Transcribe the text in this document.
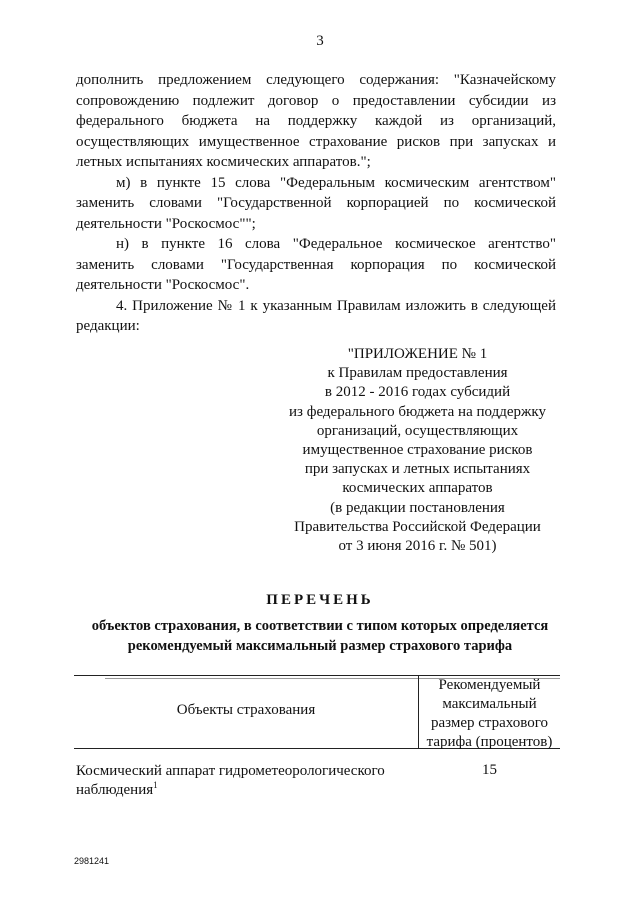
3

дополнить предложением следующего содержания: "Казначейскому сопровождению подлежит договор о предоставлении субсидии из федерального бюджета на поддержку каждой из организаций, осуществляющих имущественное страхование рисков при запусках и летных испытаниях космических аппаратов.";

м) в пункте 15 слова "Федеральным космическим агентством" заменить словами "Государственной корпорацией по космической деятельности "Роскосмос"";

н) в пункте 16 слова "Федеральное космическое агентство" заменить словами "Государственная корпорация по космической деятельности "Роскосмос".

4. Приложение № 1 к указанным Правилам изложить в следующей редакции:

"ПРИЛОЖЕНИЕ № 1
к Правилам предоставления
в 2012 - 2016 годах субсидий
из федерального бюджета на поддержку
организаций, осуществляющих
имущественное страхование рисков
при запусках и летных испытаниях
космических аппаратов
(в редакции постановления
Правительства Российской Федерации
от 3 июня 2016 г. № 501)
ПЕРЕЧЕНЬ
объектов страхования, в соответствии с типом которых определяется рекомендуемый максимальный размер страхового тарифа
Объекты страхования
Рекомендуемый максимальный размер страхового тарифа (процентов)
Космический аппарат гидрометеорологического наблюдения$^1$
15
2981241
